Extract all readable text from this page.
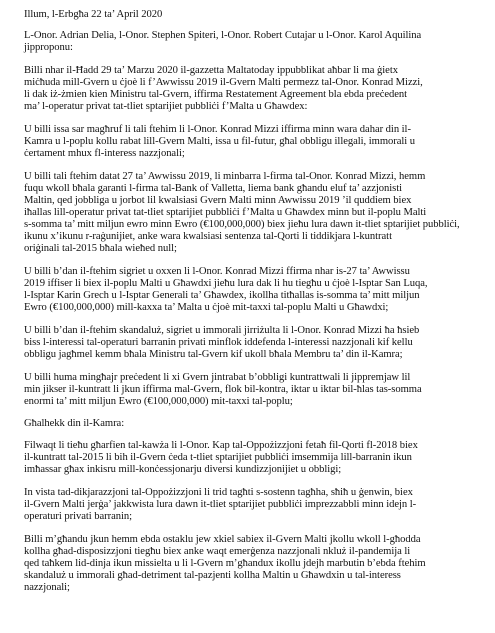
Illum, l-Erbgħa 22 ta’ April 2020
L-Onor. Adrian Delia, l-Onor. Stephen Spiteri, l-Onor. Robert Cutajar u l-Onor. Karol Aquilina
jipproponu:
Billi nhar il-Ħadd 29 ta’ Marzu 2020 il-gazzetta Maltatoday ippubblikat aħbar li ma ġietx
miċħuda mill-Gvern u ċjoè li f’Awwissu 2019 il-Gvern Malti permezz tal-Onor. Konrad Mizzi,
li dak iż-żmien kien Ministru tal-Gvern, iffirma Restatement Agreement bla ebda preċedent
ma’ l-operatur privat tat-tliet sptarijiet pubbliċi f’Malta u Għawdex:
U billi issa sar magħruf li tali ftehim li l-Onor. Konrad Mizzi iffirma minn wara dahar din il-
Kamra u l-poplu kollu rabat lill-Gvern Malti, issa u fil-futur, għal obbligu illegali, immorali u
ċertament mhux fl-interess nazzjonali;
U billi tali ftehim datat 27 ta’ Awwissu 2019, li minbarra l-firma tal-Onor. Konrad Mizzi, hemm
fuqu wkoll bħala garanti l-firma tal-Bank of Valletta, liema bank għandu eluf ta’ azzjonisti
Maltin, qed jobbliga u jorbot lil kwalsiasi Gvern Malti minn Awwissu 2019 ’il quddiem biex
iħallas lill-operatur privat tat-tliet sptarijiet pubbliċi f’Malta u Għawdex minn but il-poplu Malti
s-somma ta’ mitt miljun ewro minn Ewro (€100,000,000) biex jieħu lura dawn it-tliet sptarijiet pubbliċi,
ikunu x’ikunu r-raġunijiet, anke wara kwalsiasi sentenza tal-Qorti li tiddikjara l-kuntratt
oriġinali tal-2015 bħala wieħed null;
U billi b’dan il-ftehim sigriet u oxxen li l-Onor. Konrad Mizzi ffirma nhar is-27 ta’ Awwissu
2019 iffiser li biex il-poplu Malti u Għawdxi jieħu lura dak li hu tiegħu u ċjoè l-Isptar San Luqa,
l-Isptar Karin Grech u l-Isptar Generali ta’ Għawdex, ikollha titħallas is-somma ta’ mitt miljun
Ewro (€100,000,000) mill-kaxxa ta’ Malta u ċjoè mit-taxxi tal-poplu Malti u Għawdxi;
U billi b’dan il-ftehim skandaluż, sigriet u immorali jirriżulta li l-Onor. Konrad Mizzi ħa ħsieb
biss l-interessi tal-operaturi barranin privati minflok iddefenda l-interessi nazzjonali kif kellu
obbligu jagħmel kemm bħala Ministru tal-Gvern kif ukoll bħala Membru ta’ din il-Kamra;
U billi huma mingħajr preċedent li xi Gvern jintrabat b’obbligi kuntrattwali li jippremjaw lil
min jikser il-kuntratt li jkun iffirma mal-Gvern, flok bil-kontra, iktar u iktar bil-ħlas tas-somma
enormi ta’ mitt miljun Ewro (€100,000,000) mit-taxxi tal-poplu;
Għalhekk din il-Kamra:
Filwaqt li tieħu għarfien tal-kawża li l-Onor. Kap tal-Oppożizzjoni fetaħ fil-Qorti fl-2018 biex
il-kuntratt tal-2015 li bih il-Gvern ċeda t-tliet sptarijiet pubbliċi imsemmija lill-barranin ikun
imħassar għax inkisru mill-konċessjonarju diversi kundizzjonijiet u obbligi;
In vista tad-dikjarazzjoni tal-Oppożizzjoni li trid tagħti s-sostenn tagħha, sħiħ u ġenwin, biex
il-Gvern Malti jerġa’ jakkwista lura dawn it-tliet sptarijiet pubbliċi imprezzabbli minn idejn l-
operaturi privati barranin;
Billi m’għandu jkun hemm ebda ostaklu jew xkiel sabiex il-Gvern Malti jkollu wkoll l-għodda
kollha għad-disposizzjoni tiegħu biex anke waqt emerġenza nazzjonali nkluż il-pandemija li
qed taħkem lid-dinja ikun missielta u li l-Gvern m’għandux ikollu jdejh marbutin b’ebda ftehim
skandaluż u immorali għad-detriment tal-pazjenti kollha Maltin u Għawdxin u tal-interess
nazzjonali;
